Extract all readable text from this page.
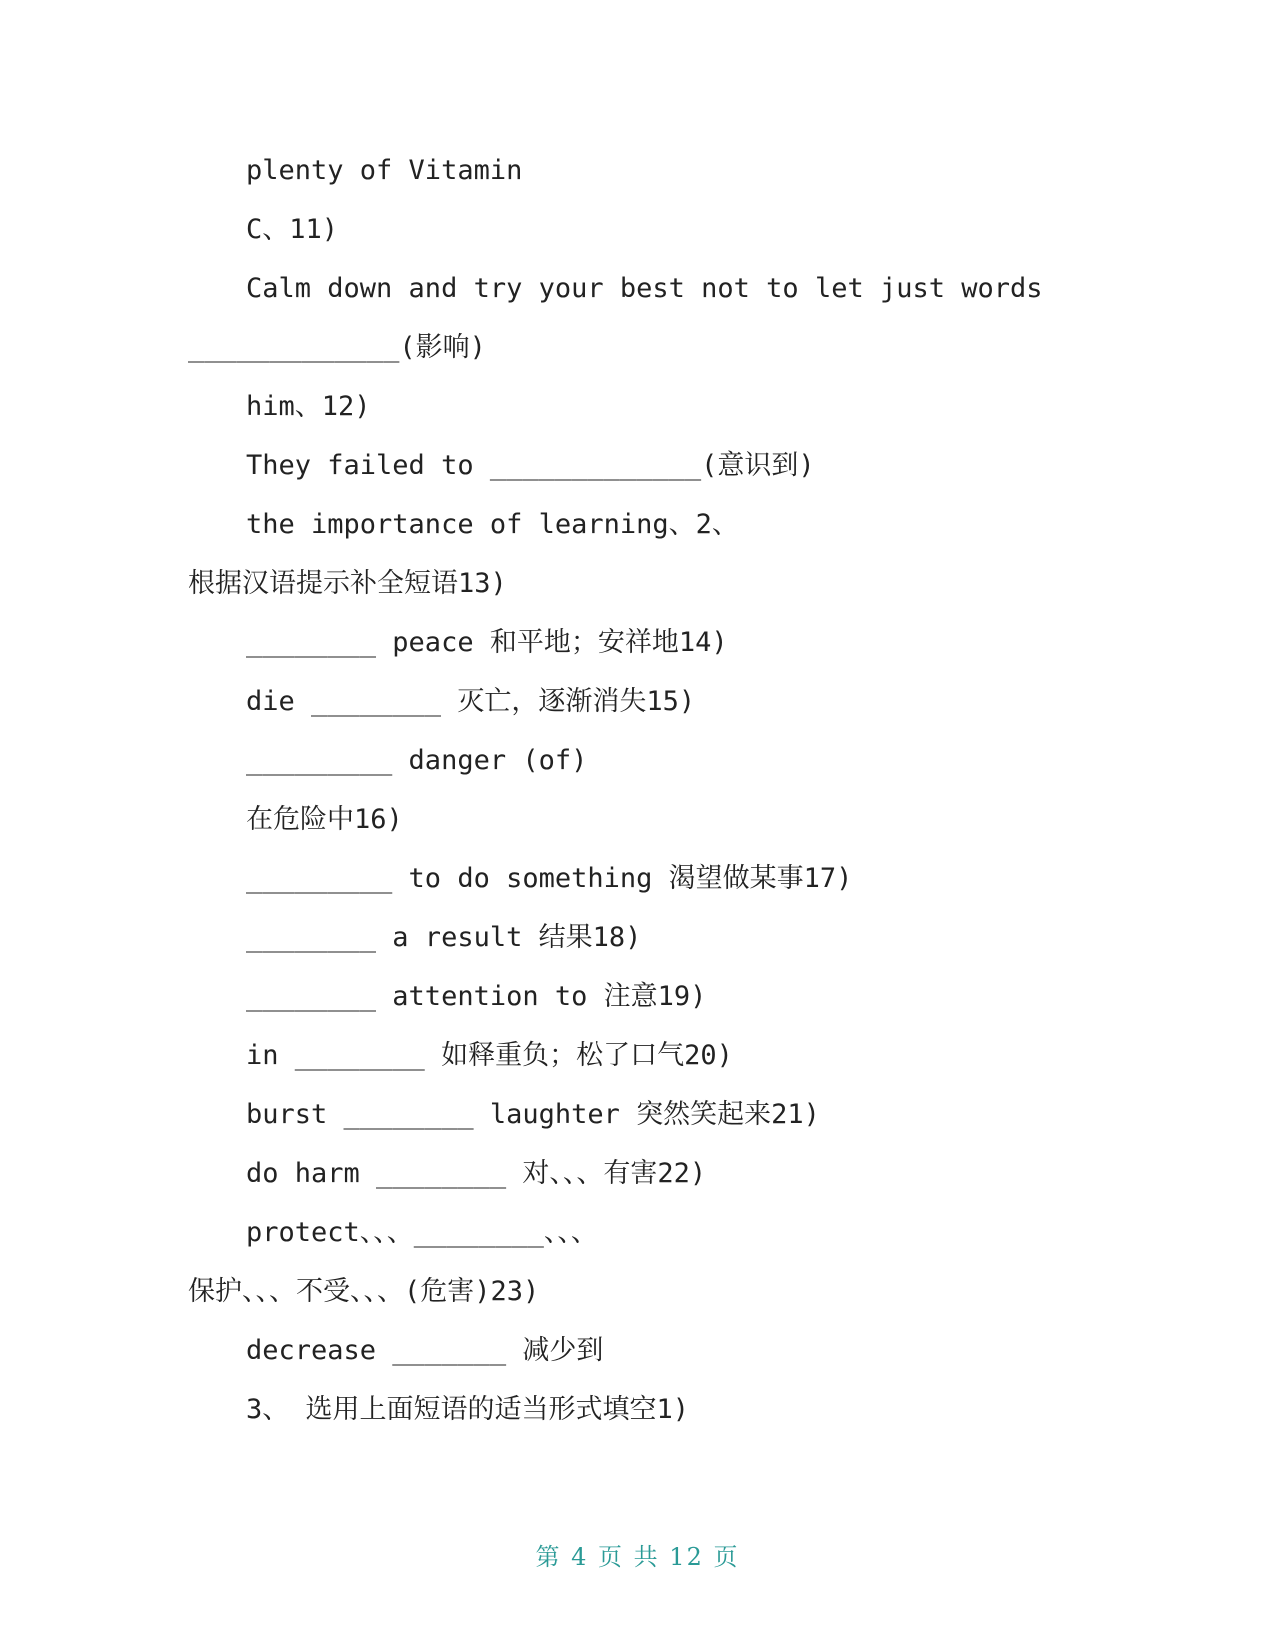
plenty of Vitamin
C、11)
Calm down and try your best not to let just words
_____________(影响)
him、12)
They failed to _____________(意识到)
the importance of learning、2、
根据汉语提示补全短语13)
________ peace 和平地；安祥地14)
die ________ 灭亡，逐渐消失15)
_________ danger (of)
在危险中16)
_________ to do something 渴望做某事17)
________ a result 结果18)
________ attention to 注意19)
in ________ 如释重负；松了口气20)
burst ________ laughter 突然笑起来21)
do harm ________ 对、、、有害22)
protect、、、________、、、
保护、、、不受、、、(危害)23)
decrease _______ 减少到
3、 选用上面短语的适当形式填空1)
第 4 页 共 12 页
